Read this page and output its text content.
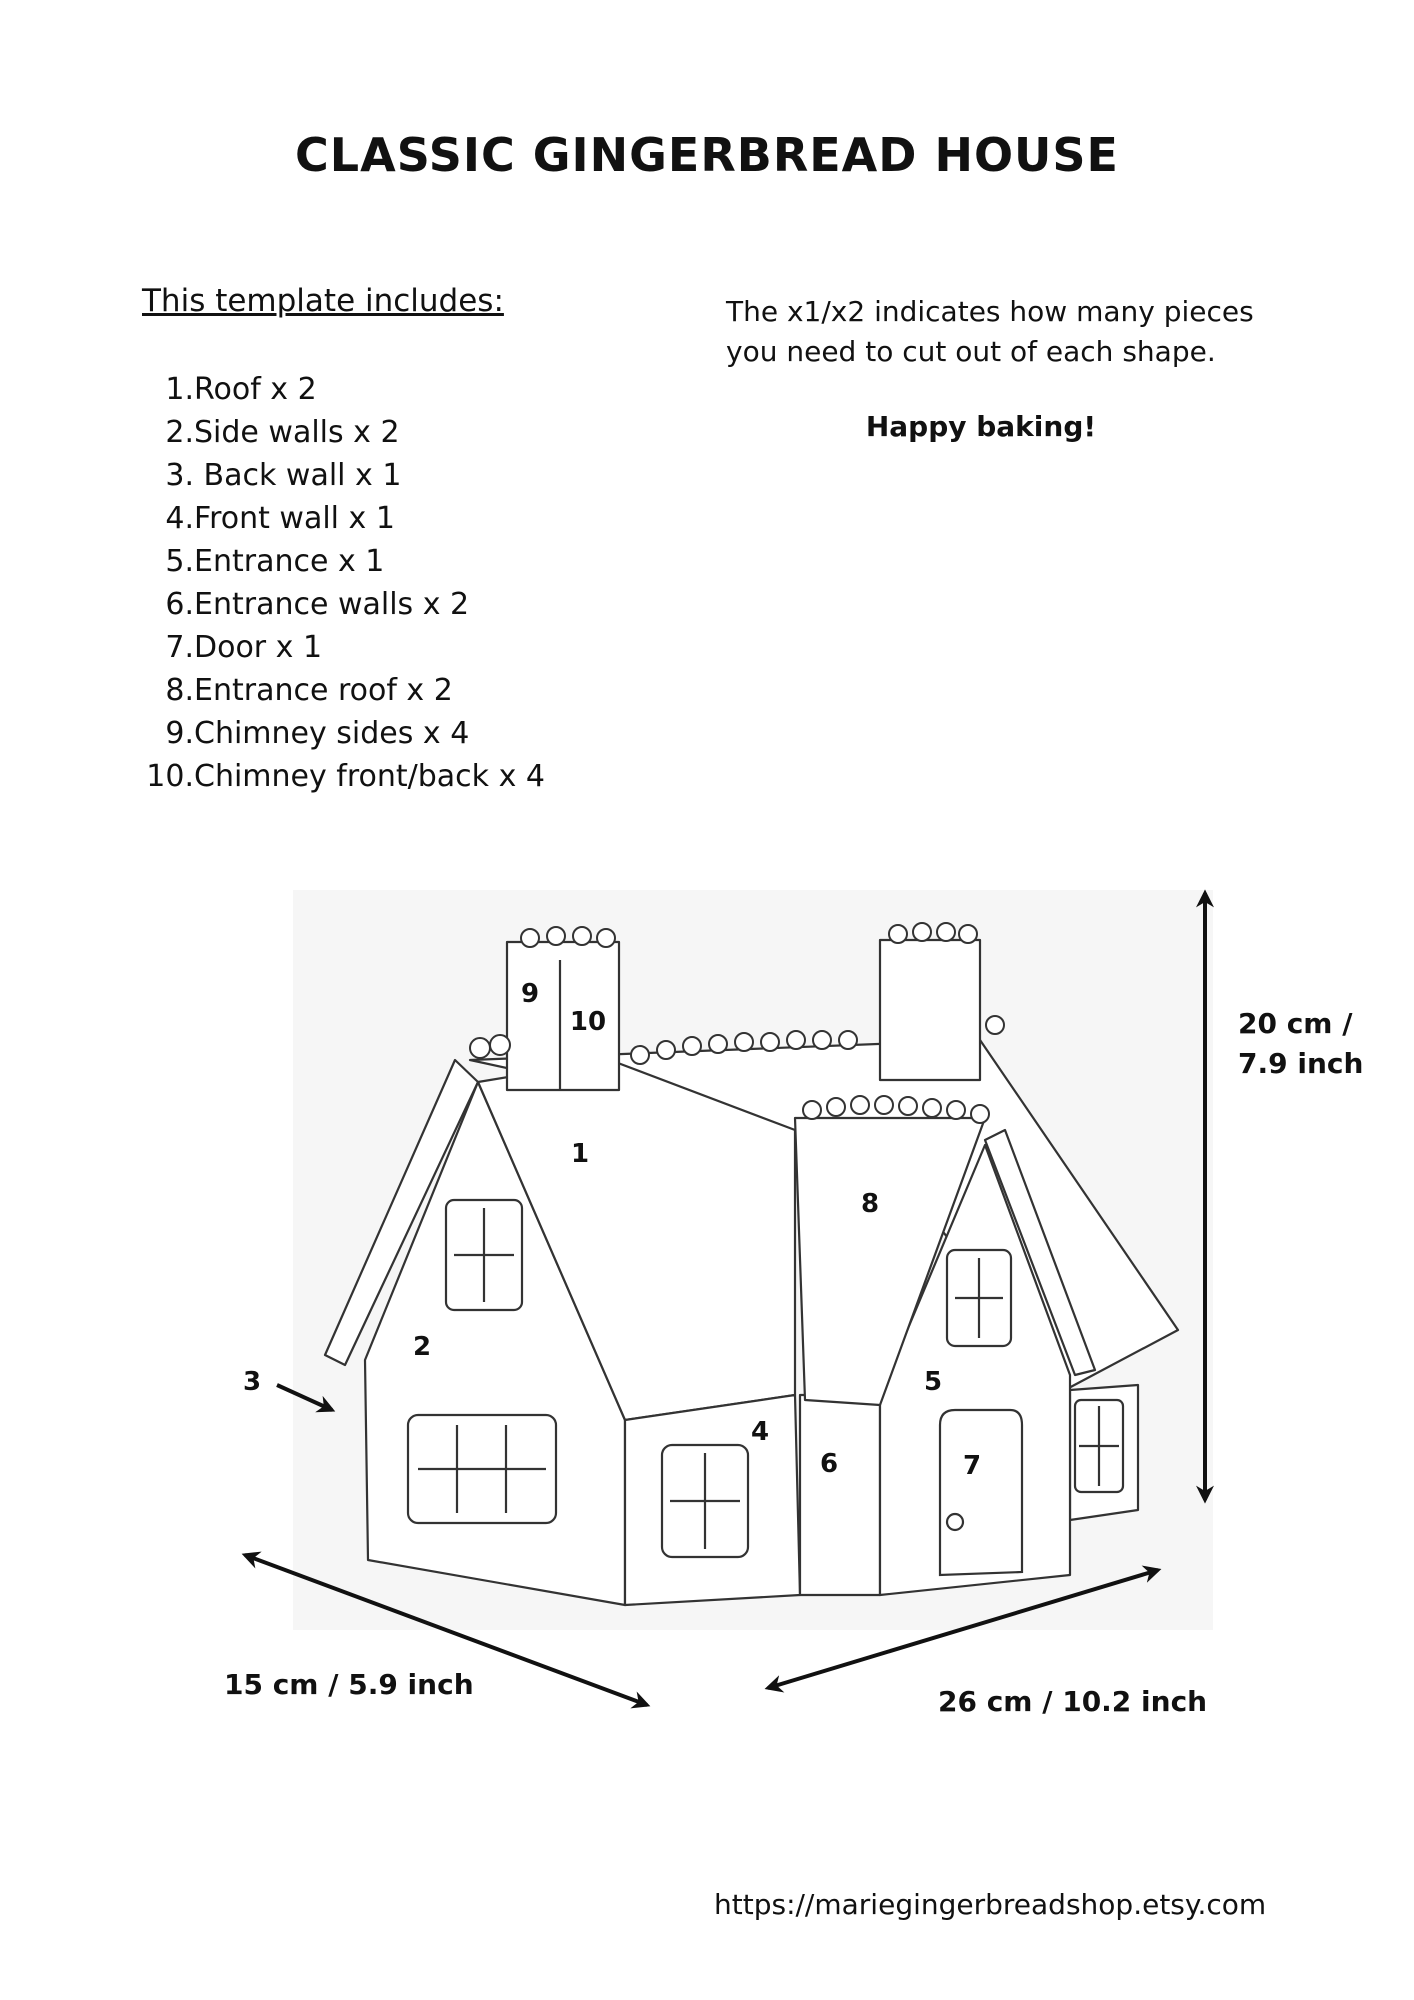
CLASSIC GINGERBREAD HOUSE

This template includes:

1.Roof x 2
2.Side walls x 2
3. Back wall x 1
4.Front wall x 1
5.Entrance x 1
6.Entrance walls x 2
7.Door x 1
8.Entrance roof x 2
9.Chimney sides x 4
10.Chimney front/back x 4

The x1/x2 indicates how many pieces
you need to cut out of each shape.

Happy baking!

1
2
3
4
5
6	7
8
9
10	20 cm /
7.9 inch

15 cm / 5.9 inch

26 cm / 10.2 inch

https://mariegingerbreadshop.etsy.com
